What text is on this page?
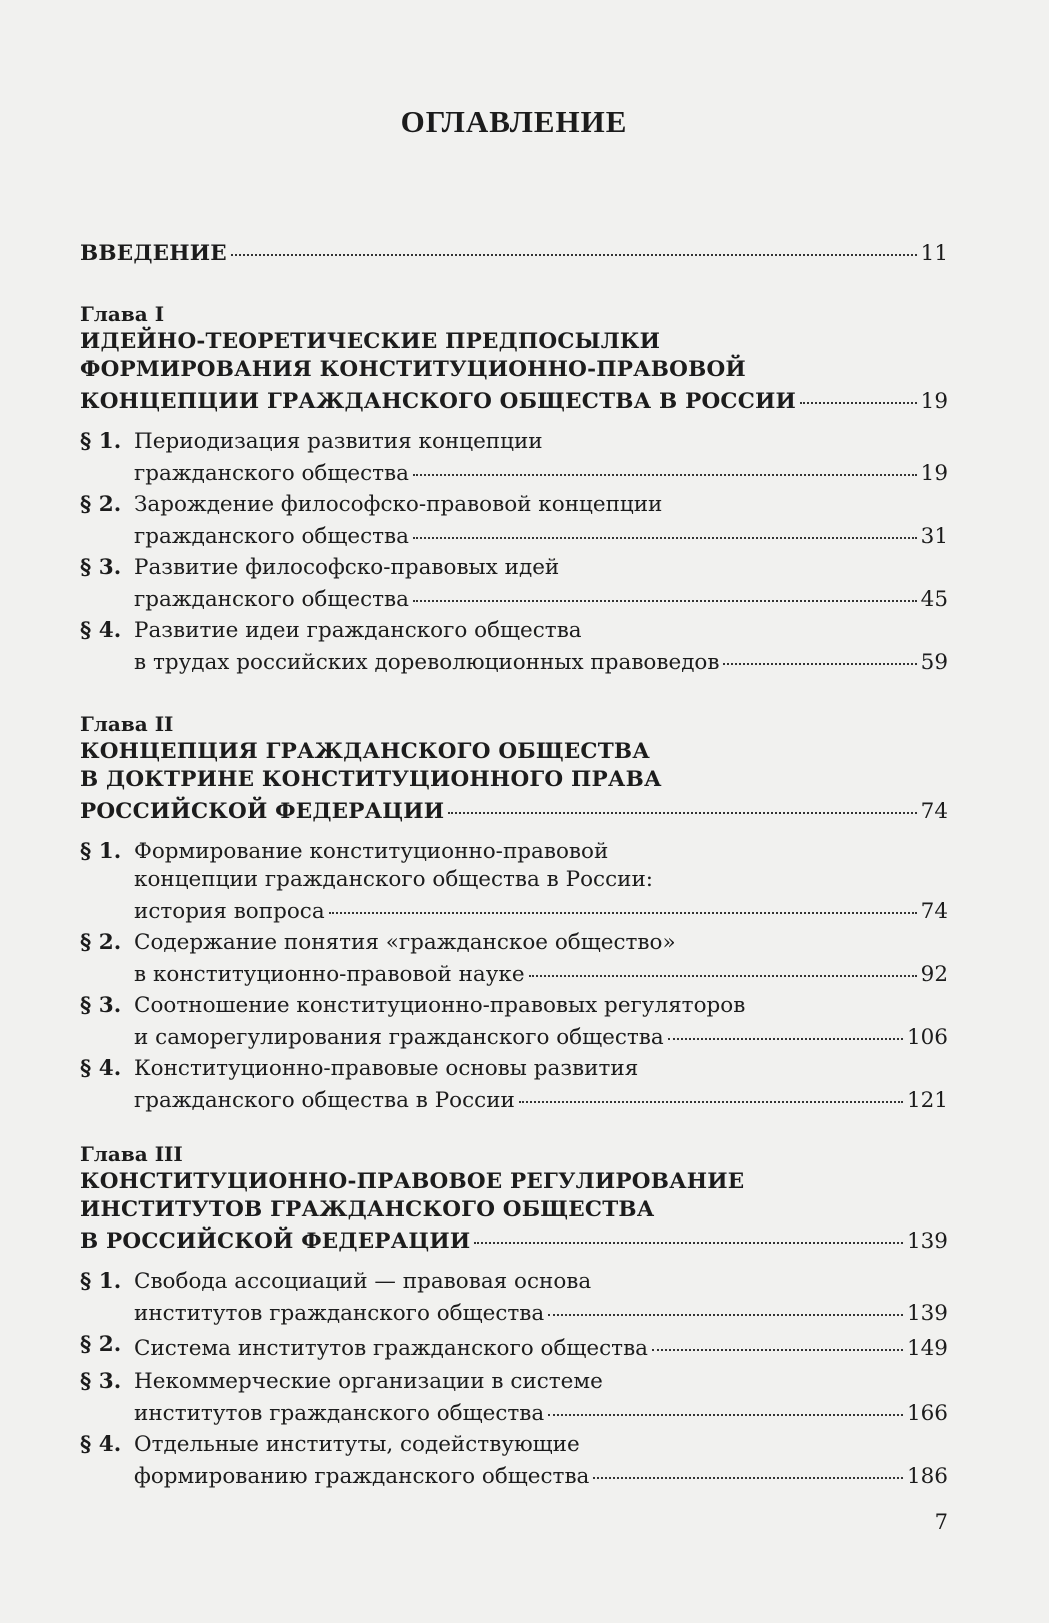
ОГЛАВЛЕНИЕ
ВВЕДЕНИЕ	11
Глава I
ИДЕЙНО-ТЕОРЕТИЧЕСКИЕ ПРЕДПОСЫЛКИ
ФОРМИРОВАНИЯ КОНСТИТУЦИОННО-ПРАВОВОЙ
КОНЦЕПЦИИ ГРАЖДАНСКОГО ОБЩЕСТВА В РОССИИ	19
§ 1. Периодизация развития концепции
гражданского общества	19
§ 2. Зарождение философско-правовой концепции
гражданского общества	31
§ 3. Развитие философско-правовых идей
гражданского общества	45
§ 4. Развитие идеи гражданского общества
в трудах российских дореволюционных правоведов	59
Глава II
КОНЦЕПЦИЯ ГРАЖДАНСКОГО ОБЩЕСТВА
В ДОКТРИНЕ КОНСТИТУЦИОННОГО ПРАВА
РОССИЙСКОЙ ФЕДЕРАЦИИ	74
§ 1. Формирование конституционно-правовой
концепции гражданского общества в России:
история вопроса	74
§ 2. Содержание понятия «гражданское общество»
в конституционно-правовой науке	92
§ 3. Соотношение конституционно-правовых регуляторов
и саморегулирования гражданского общества	106
§ 4. Конституционно-правовые основы развития
гражданского общества в России	121
Глава III
КОНСТИТУЦИОННО-ПРАВОВОЕ РЕГУЛИРОВАНИЕ
ИНСТИТУТОВ ГРАЖДАНСКОГО ОБЩЕСТВА
В РОССИЙСКОЙ ФЕДЕРАЦИИ	139
§ 1. Свобода ассоциаций — правовая основа
институтов гражданского общества	139
§ 2. Система институтов гражданского общества	149
§ 3. Некоммерческие организации в системе
институтов гражданского общества	166
§ 4. Отдельные институты, содействующие
формированию гражданского общества	186
7
